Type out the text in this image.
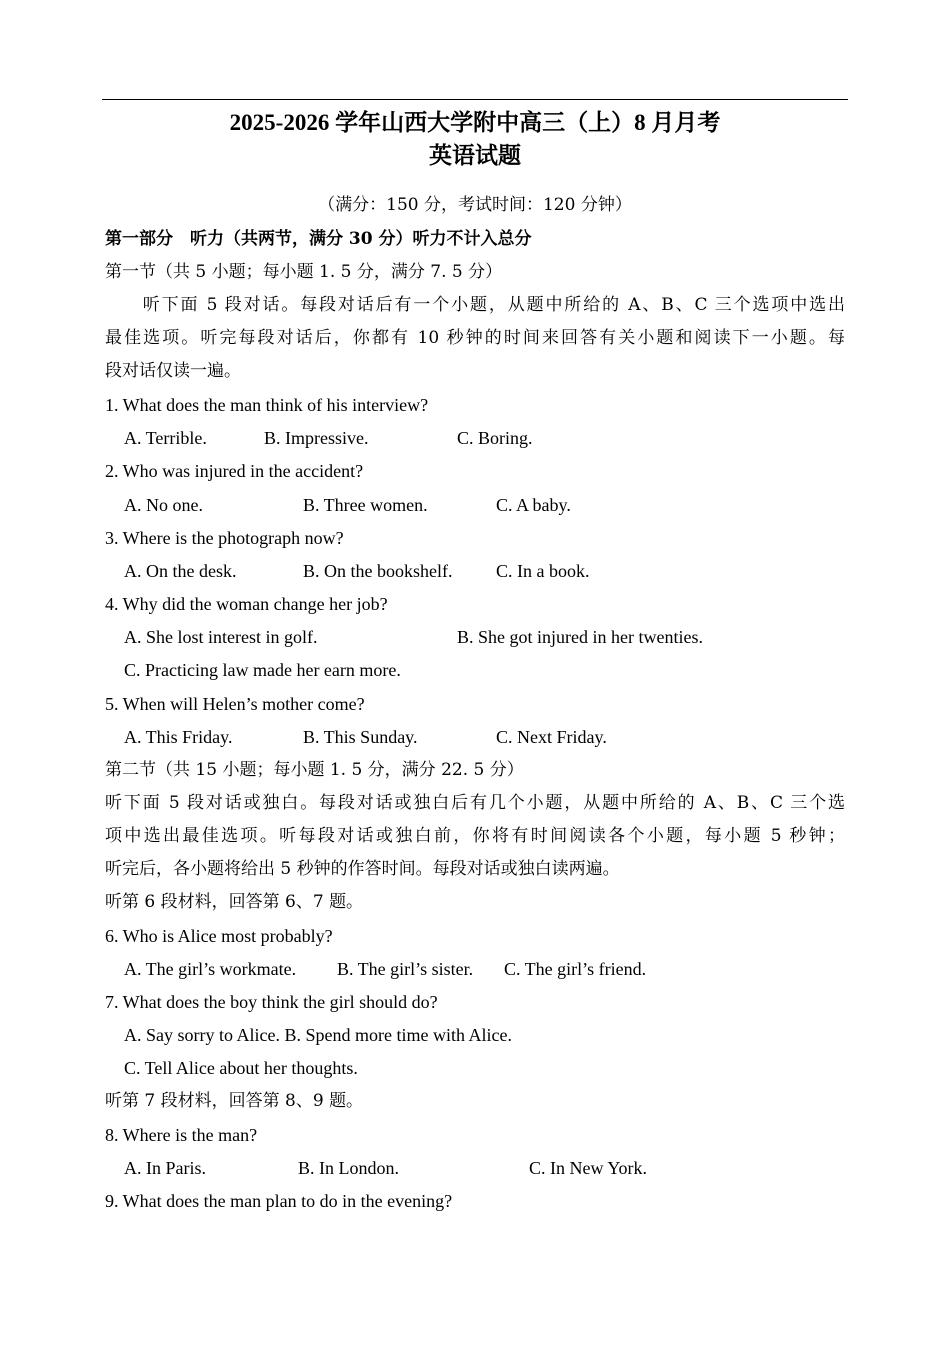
2025-2026 学年山西大学附中高三（上）8 月月考
英语试题
（满分：150 分，考试时间：120 分钟）
第一部分　听力（共两节，满分 30 分）听力不计入总分
第一节（共 5 小题；每小题 1. 5 分，满分 7. 5 分）
　　听下面 5 段对话。每段对话后有一个小题，从题中所给的 A、B、C 三个选项中选出
最佳选项。听完每段对话后，你都有 10 秒钟的时间来回答有关小题和阅读下一小题。每
段对话仅读一遍。
1. What does the man think of his interview?
A. Terrible.	B. Impressive.	C. Boring.
2. Who was injured in the accident?
A. No one.	B. Three women.	C. A baby.
3. Where is the photograph now?
A. On the desk.	B. On the bookshelf. C. In a book.
4. Why did the woman change her job?
A. She lost interest in golf.	B. She got injured in her twenties.
C. Practicing law made her earn more.
5. When will Helen’s mother come?
A. This Friday.	B. This Sunday.	C. Next Friday.
第二节（共 15 小题；每小题 1. 5 分，满分 22. 5 分）
听下面 5 段对话或独白。每段对话或独白后有几个小题，从题中所给的 A、B、C 三个选
项中选出最佳选项。听每段对话或独白前，你将有时间阅读各个小题，每小题 5 秒钟；
听完后，各小题将给出 5 秒钟的作答时间。每段对话或独白读两遍。
听第 6 段材料，回答第 6、7 题。
6. Who is Alice most probably?
A. The girl’s workmate. B. The girl’s sister. C. The girl’s friend.
7. What does the boy think the girl should do?
A. Say sorry to Alice. B. Spend more time with Alice.
C. Tell Alice about her thoughts.
听第 7 段材料，回答第 8、9 题。
8. Where is the man?
A. In Paris.	B. In London.	C. In New York.
9. What does the man plan to do in the evening?
